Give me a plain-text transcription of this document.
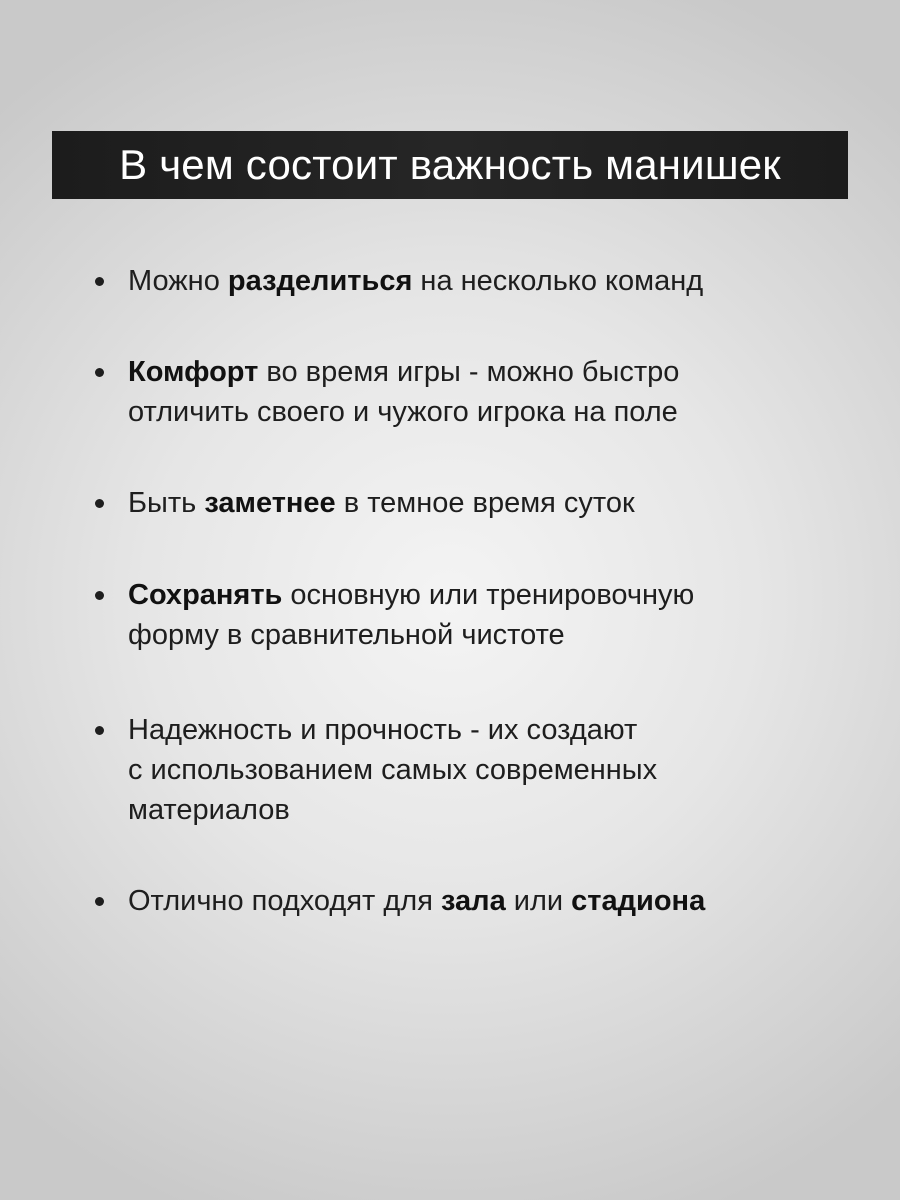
В чем состоит важность манишек
Можно разделиться на несколько команд
Комфорт во время игры - можно быстро
отличить своего и чужого игрока на поле
Быть заметнее в темное время суток
Сохранять основную или тренировочную
форму в сравнительной чистоте
Надежность и прочность - их создают
с использованием самых современных
материалов
Отлично подходят для зала или стадиона
